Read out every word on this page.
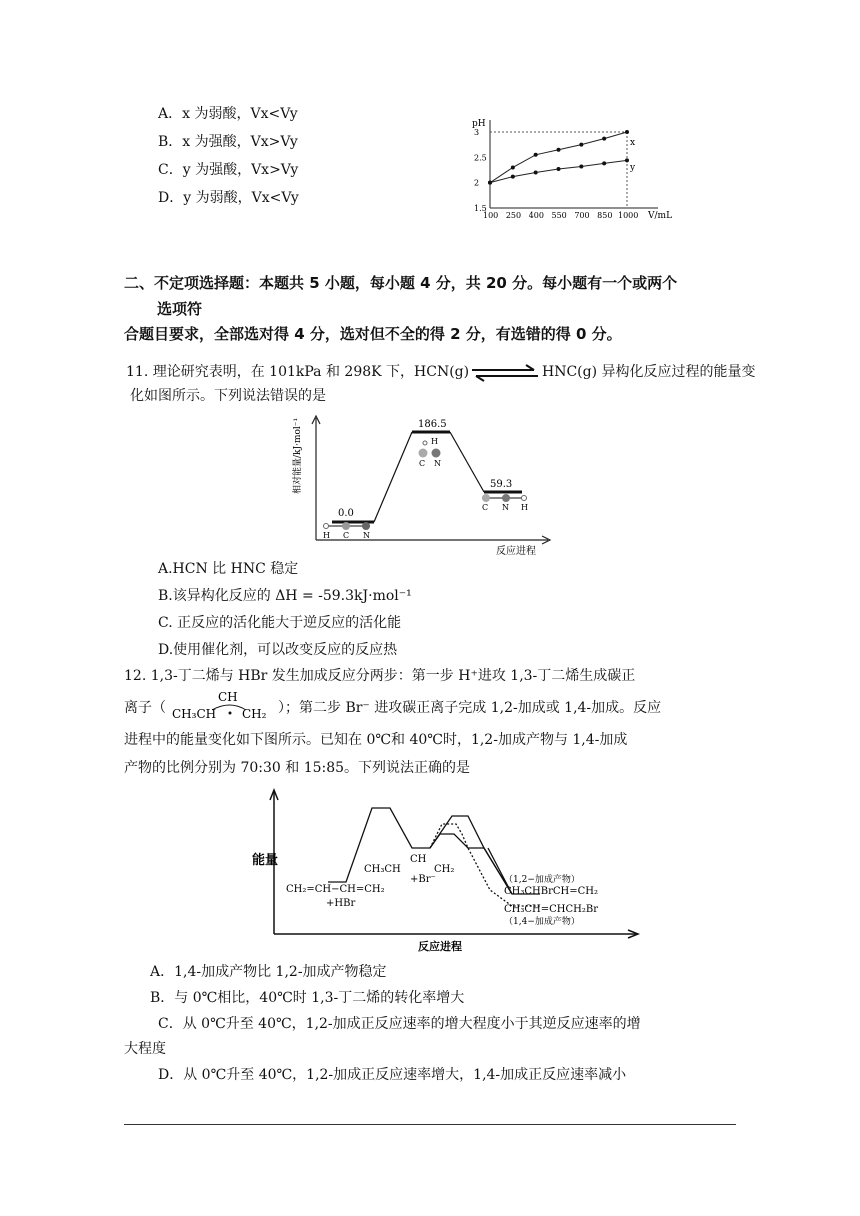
A．x 为弱酸，Vx<Vy
B．x 为强酸，Vx>Vy
C．y 为强酸，Vx>Vy
D．y 为弱酸，Vx<Vy
pH
V/mL
100 250 400 550 700 850 1000
3
2.5
2
1.5
x
y
二、不定项选择题：本题共 5 小题，每小题 4 分，共 20 分。每小题有一个或两个
选项符
合题目要求，全部选对得 4 分，选对但不全的得 2 分，有选错的得 0 分。
11. 理论研究表明，在 101kPa 和 298K 下，HCN(g)	HNC(g) 异构化反应过程的能量变
化如图所示。下列说法错误的是
相对能量/kJ·mol⁻¹
反应进程
0.0
186.5
59.3
H C N
H
C N
C N H
A.HCN 比 HNC 稳定
B.该异构化反应的 ΔH = -59.3kJ·mol⁻¹
C. 正反应的活化能大于逆反应的活化能
D.使用催化剂，可以改变反应的反应热
12. 1,3-丁二烯与 HBr 发生加成反应分两步：第一步 H⁺进攻 1,3-丁二烯生成碳正
离子（
CH
CH₃CH CH₂ ）；第二步 Br⁻ 进攻碳正离子完成 1,2-加成或 1,4-加成。反应
进程中的能量变化如下图所示。已知在 0℃和 40℃时，1,2-加成产物与 1,4-加成
产物的比例分别为 70:30 和 15:85。下列说法正确的是
能量
反应进程
CH₂=CH−CH=CH₂
+HBr
CH
CH₃CH	CH₂
+Br⁻	（1,2−加成产物）
CH₃CHBrCH=CH₂
CH₃CH=CHCH₂Br
（1,4−加成产物）
A．1,4-加成产物比 1,2-加成产物稳定
B．与 0℃相比，40℃时 1,3-丁二烯的转化率增大
C．从 0℃升至 40℃，1,2-加成正反应速率的增大程度小于其逆反应速率的增
大程度
D．从 0℃升至 40℃，1,2-加成正反应速率增大，1,4-加成正反应速率减小
